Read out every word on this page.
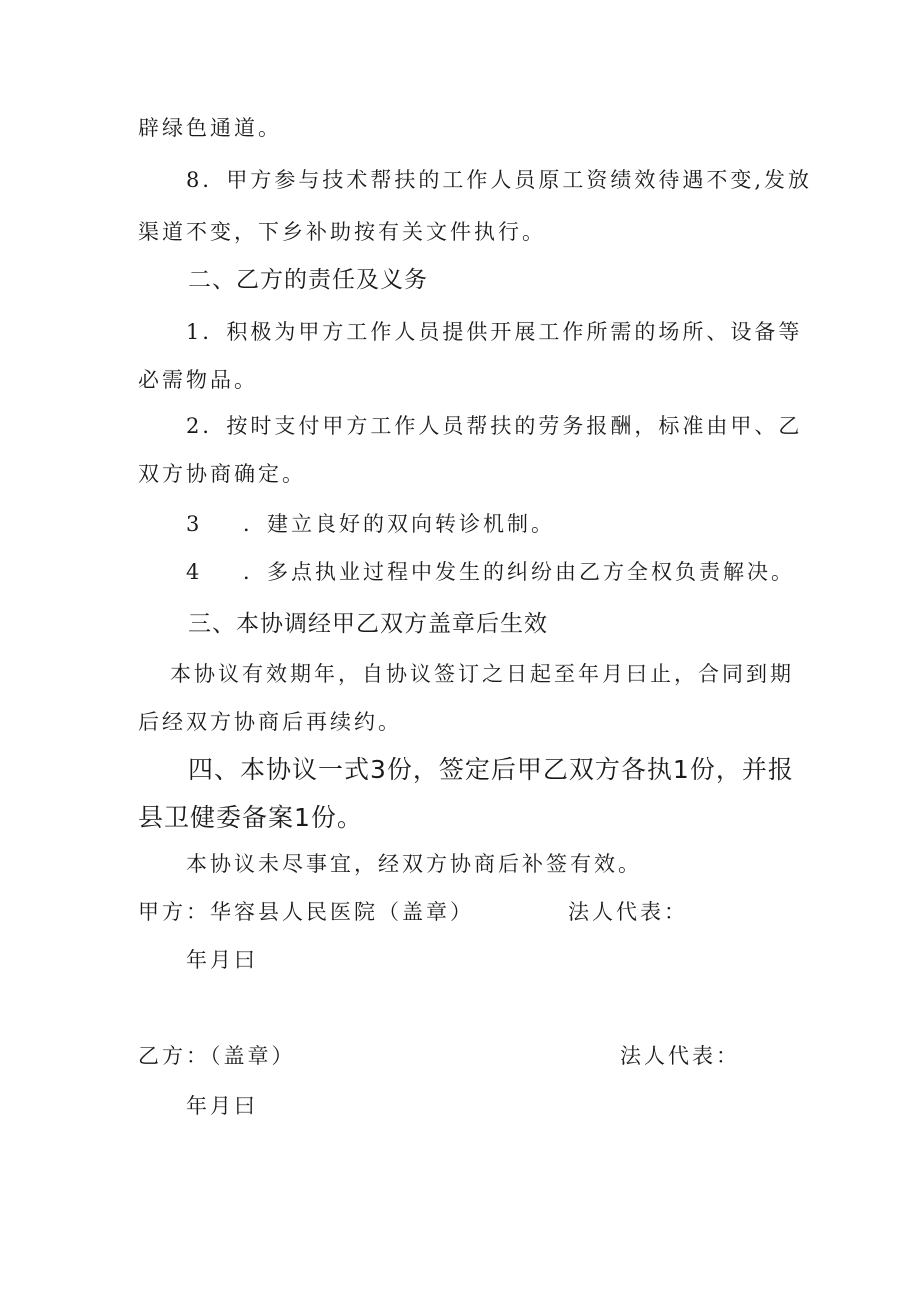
辟绿色通道。
8．甲方参与技术帮扶的工作人员原工资绩效待遇不变,发放
渠道不变，下乡补助按有关文件执行。
二、乙方的责任及义务
1．积极为甲方工作人员提供开展工作所需的场所、设备等
必需物品。
2．按时支付甲方工作人员帮扶的劳务报酬，标准由甲、乙
双方协商确定。
3 ．建立良好的双向转诊机制。
4 ．多点执业过程中发生的纠纷由乙方全权负责解决。
三、本协调经甲乙双方盖章后生效
本协议有效期年，自协议签订之日起至年月曰止，合同到期
后经双方协商后再续约。
四、本协议一式3份，签定后甲乙双方各执1份，并报
县卫健委备案1份。
本协议未尽事宜，经双方协商后补签有效。
甲方：华容县人民医院（盖章）	法人代表：
年月曰
乙方：（盖章）	法人代表：
年月曰
